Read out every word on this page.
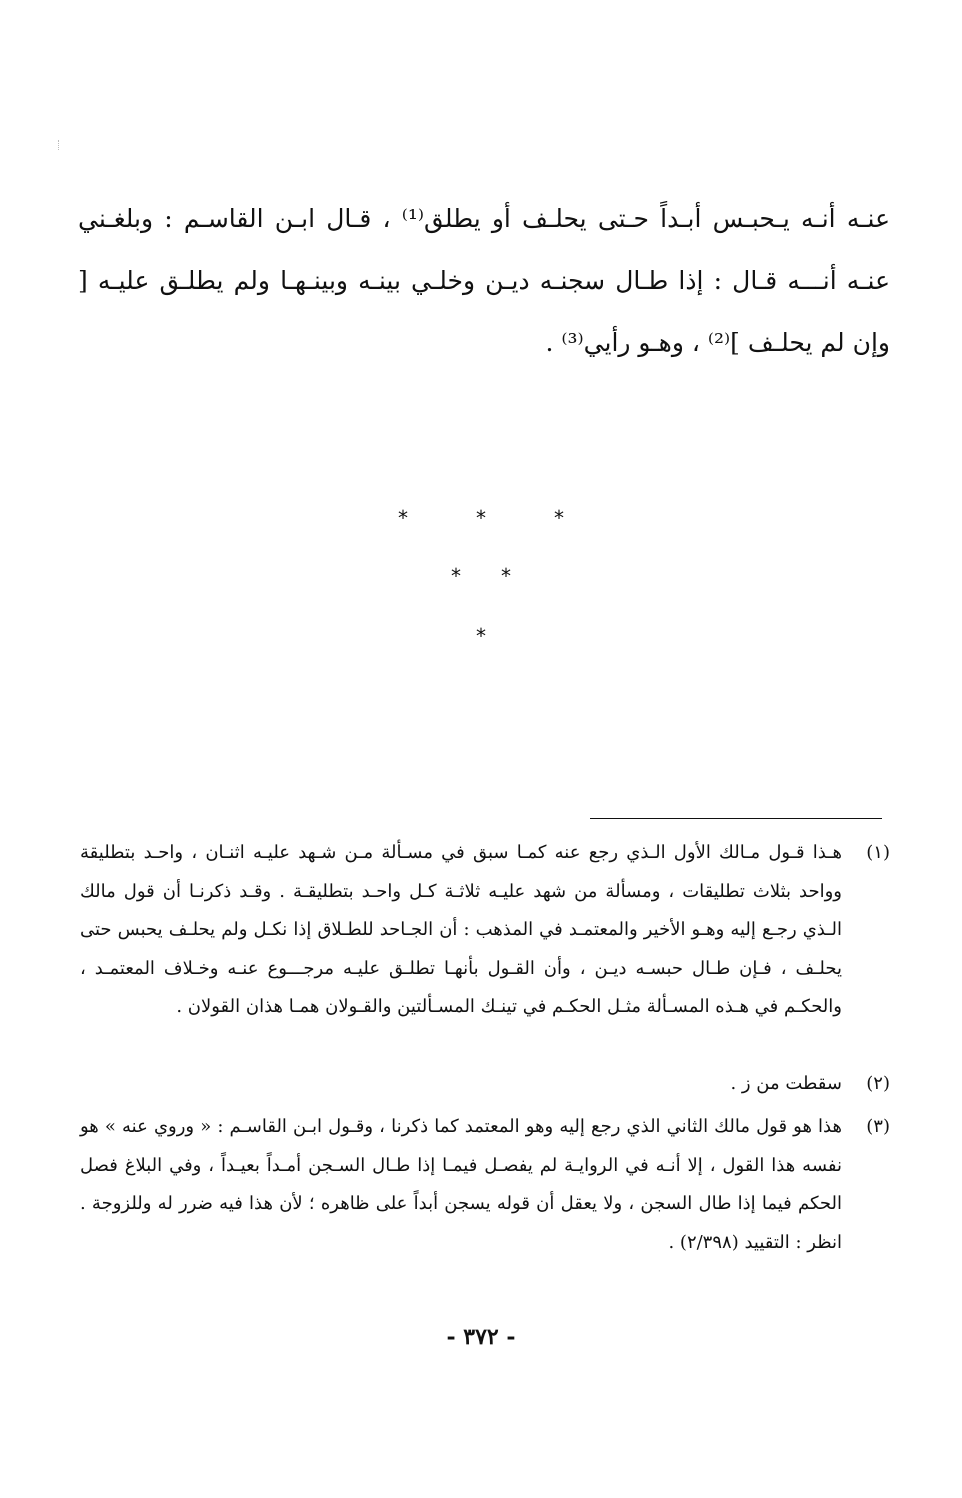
عنـه أنـه يـحبـس أبـداً حـتى يحلـف أو يطلق⁽¹⁾ ، قـال ابـن القاسـم : وبلغـني عنـه أنـــه قـال : إذا طـال سجنـه ديـن وخلـي بينـه وبينـهـا ولم يطلـق عليـه [ وإن لم يحلـف ]⁽²⁾ ، وهـو رأيي⁽³⁾ .

*	*	*
* *
*

(١)
هـذا قـول مـالك الأول الـذي رجع عنه كمـا سبق في مسـألة مـن شـهد عليـه اثنـان ، واحـد بتطليقة وواحد بثلاث تطليقات ، ومسألة من شهد عليـه ثلاثـة كـل واحـد بتطليقـة . وقـد ذكرنـا أن قول مالك الـذي رجـع إليه وهـو الأخير والمعتمـد في المذهب : أن الجـاحد للطـلاق إذا نكـل ولم يحلـف يحبس حتى يحلـف ، فـإن طـال حبسـه ديـن ، وأن القـول بأنهـا تطلـق عليـه مرجـــوع عنـه وخـلاف المعتمـد ، والحكـم في هـذه المسـألة مثـل الحكـم في تينـك المسـألتين والقـولان همـا هذان القولان .

(٢)
سقطت من ز .

(٣)
هذا هو قول مالك الثاني الذي رجع إليه وهو المعتمد كما ذكرنا ، وقـول ابـن القاسـم : « وروي عنه » هو نفسه هذا القول ، إلا أنـه في الروايـة لم يفصـل فيمـا إذا طـال السـجن أمـداً بعيـداً ، وفي البلاغ فصل الحكم فيما إذا طال السجن ، ولا يعقل أن قوله يسجن أبداً على ظاهره ؛ لأن هذا فيه ضرر له وللزوجة . انظر : التقييد (٢/٣٩٨) .

- ٣٧٢ -
